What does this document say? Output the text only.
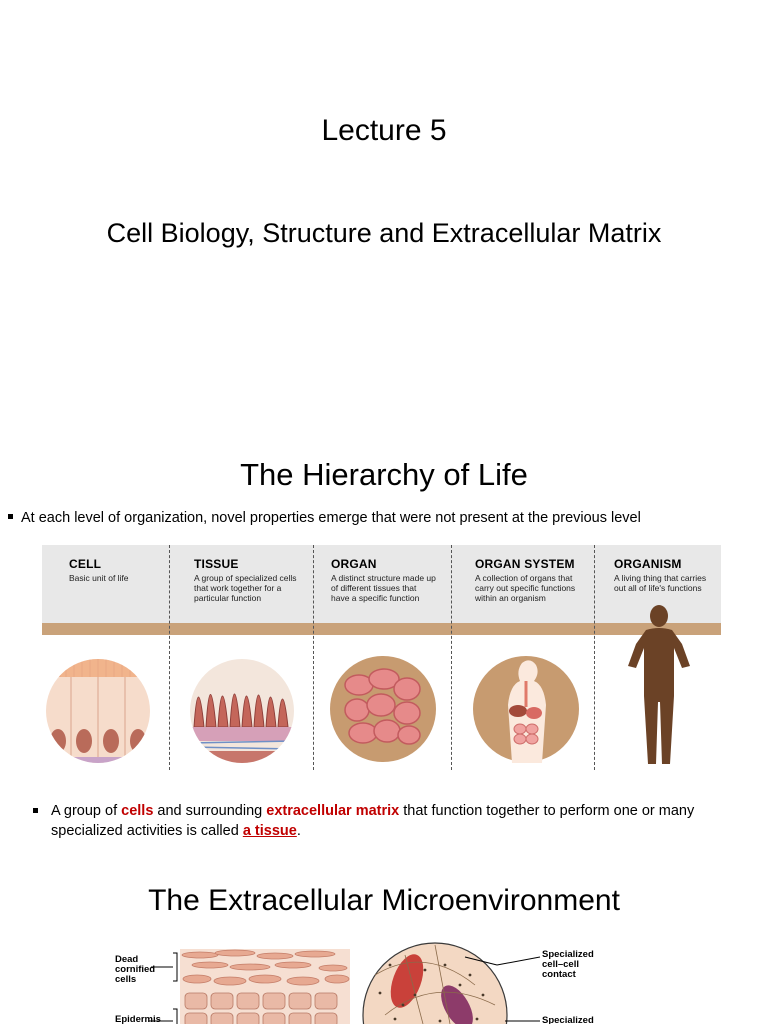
Lecture 5
Cell Biology, Structure and Extracellular Matrix
The Hierarchy of Life
At each level of organization, novel properties emerge that were not present at the previous level
CELL
Basic unit of life
TISSUE
A group of specialized cells that work together for a particular function
ORGAN
A distinct structure made up of different tissues that have a specific function
ORGAN SYSTEM
A collection of organs that carry out specific functions within an organism
ORGANISM
A living thing that carries out all of life's functions
A group of cells and surrounding extracellular matrix that function together to perform one or many specialized activities is called a tissue.
The Extracellular Microenvironment
Dead cornified cells
Epidermis
Specialized cell–cell contact
Specialized
